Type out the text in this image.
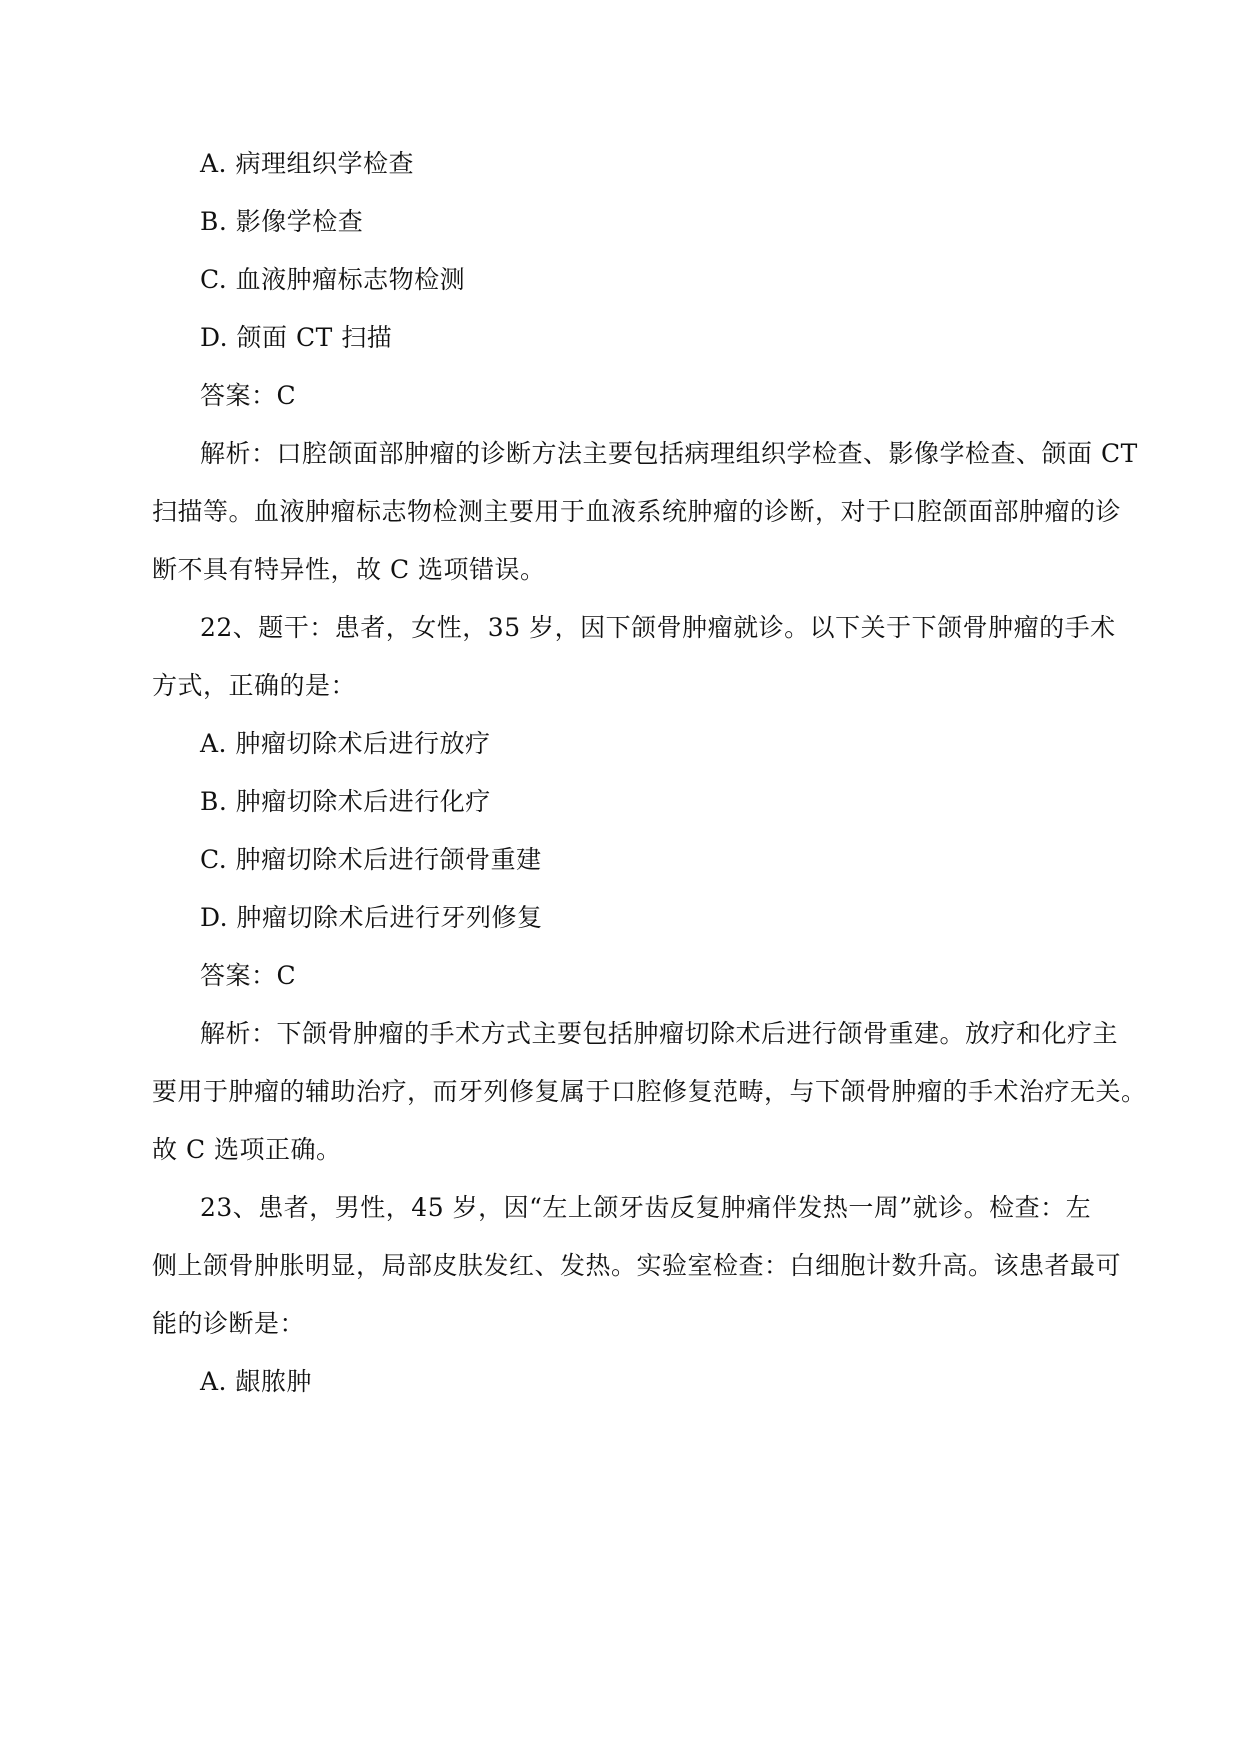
A. 病理组织学检查
B. 影像学检查
C. 血液肿瘤标志物检测
D. 颌面 CT 扫描
答案：C
解析：口腔颌面部肿瘤的诊断方法主要包括病理组织学检查、影像学检查、颌面 CT
扫描等。血液肿瘤标志物检测主要用于血液系统肿瘤的诊断，对于口腔颌面部肿瘤的诊
断不具有特异性，故 C 选项错误。
22、题干：患者，女性，35 岁，因下颌骨肿瘤就诊。以下关于下颌骨肿瘤的手术
方式，正确的是：
A. 肿瘤切除术后进行放疗
B. 肿瘤切除术后进行化疗
C. 肿瘤切除术后进行颌骨重建
D. 肿瘤切除术后进行牙列修复
答案：C
解析：下颌骨肿瘤的手术方式主要包括肿瘤切除术后进行颌骨重建。放疗和化疗主
要用于肿瘤的辅助治疗，而牙列修复属于口腔修复范畴，与下颌骨肿瘤的手术治疗无关。
故 C 选项正确。
23、患者，男性，45 岁，因“左上颌牙齿反复肿痛伴发热一周”就诊。检查：左
侧上颌骨肿胀明显，局部皮肤发红、发热。实验室检查：白细胞计数升高。该患者最可
能的诊断是：
A. 龈脓肿
